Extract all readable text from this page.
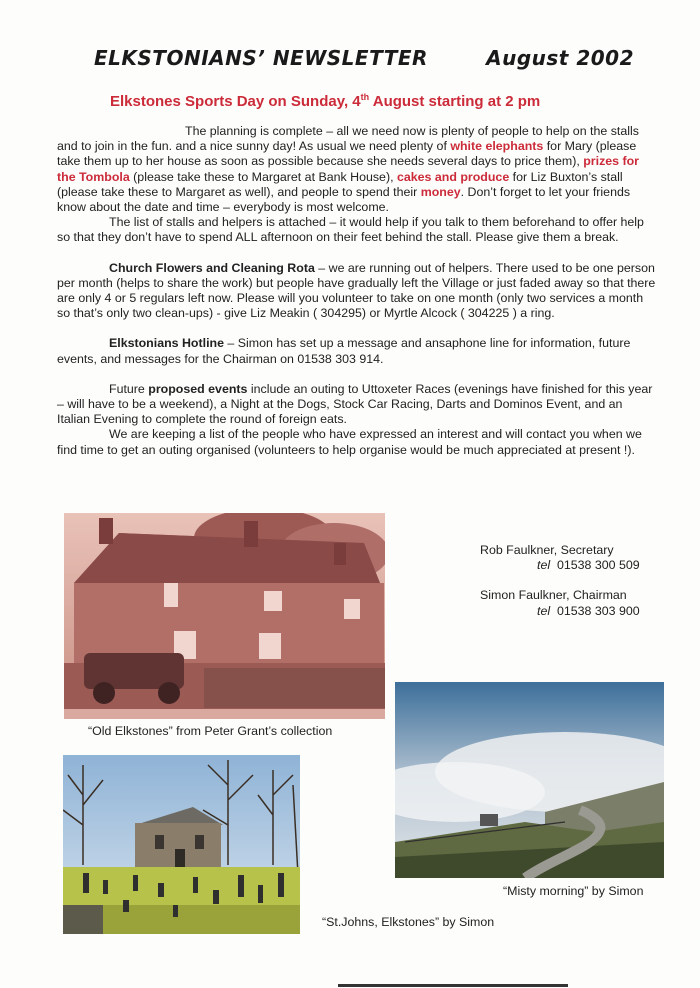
ELKSTONIANS’ NEWSLETTER	August 2002
Elkstones Sports Day on Sunday, 4th August starting at 2 pm

The planning is complete – all we need now is plenty of people to help on the stalls and to join in the fun. and a nice sunny day! As usual we need plenty of white elephants for Mary (please take them up to her house as soon as possible because she needs several days to price them), prizes for the Tombola (please take these to Margaret at Bank House), cakes and produce for Liz Buxton’s stall (please take these to Margaret as well), and people to spend their money. Don’t forget to let your friends know about the date and time – everybody is most welcome.

The list of stalls and helpers is attached – it would help if you talk to them beforehand to offer help so that they don’t have to spend ALL afternoon on their feet behind the stall. Please give them a break.

Church Flowers and Cleaning Rota – we are running out of helpers. There used to be one person per month (helps to share the work) but people have gradually left the Village or just faded away so that there are only 4 or 5 regulars left now. Please will you volunteer to take on one month (only two services a month so that’s only two clean-ups) - give Liz Meakin ( 304295) or Myrtle Alcock ( 304225 ) a ring.

Elkstonians Hotline – Simon has set up a message and ansaphone line for information, future events, and messages for the Chairman on 01538 303 914.

Future proposed events include an outing to Uttoxeter Races (evenings have finished for this year – will have to be a weekend), a Night at the Dogs, Stock Car Racing, Darts and Dominos Event, and an Italian Evening to complete the round of foreign eats.

We are keeping a list of the people who have expressed an interest and will contact you when we find time to get an outing organised (volunteers to help organise would be much appreciated at present !).

“Old Elkstones” from Peter Grant’s collection
Rob Faulkner, Secretary
tel 01538 300 509
Simon Faulkner, Chairman
tel 01538 303 900
“Misty morning” by Simon
“St.Johns, Elkstones” by Simon
